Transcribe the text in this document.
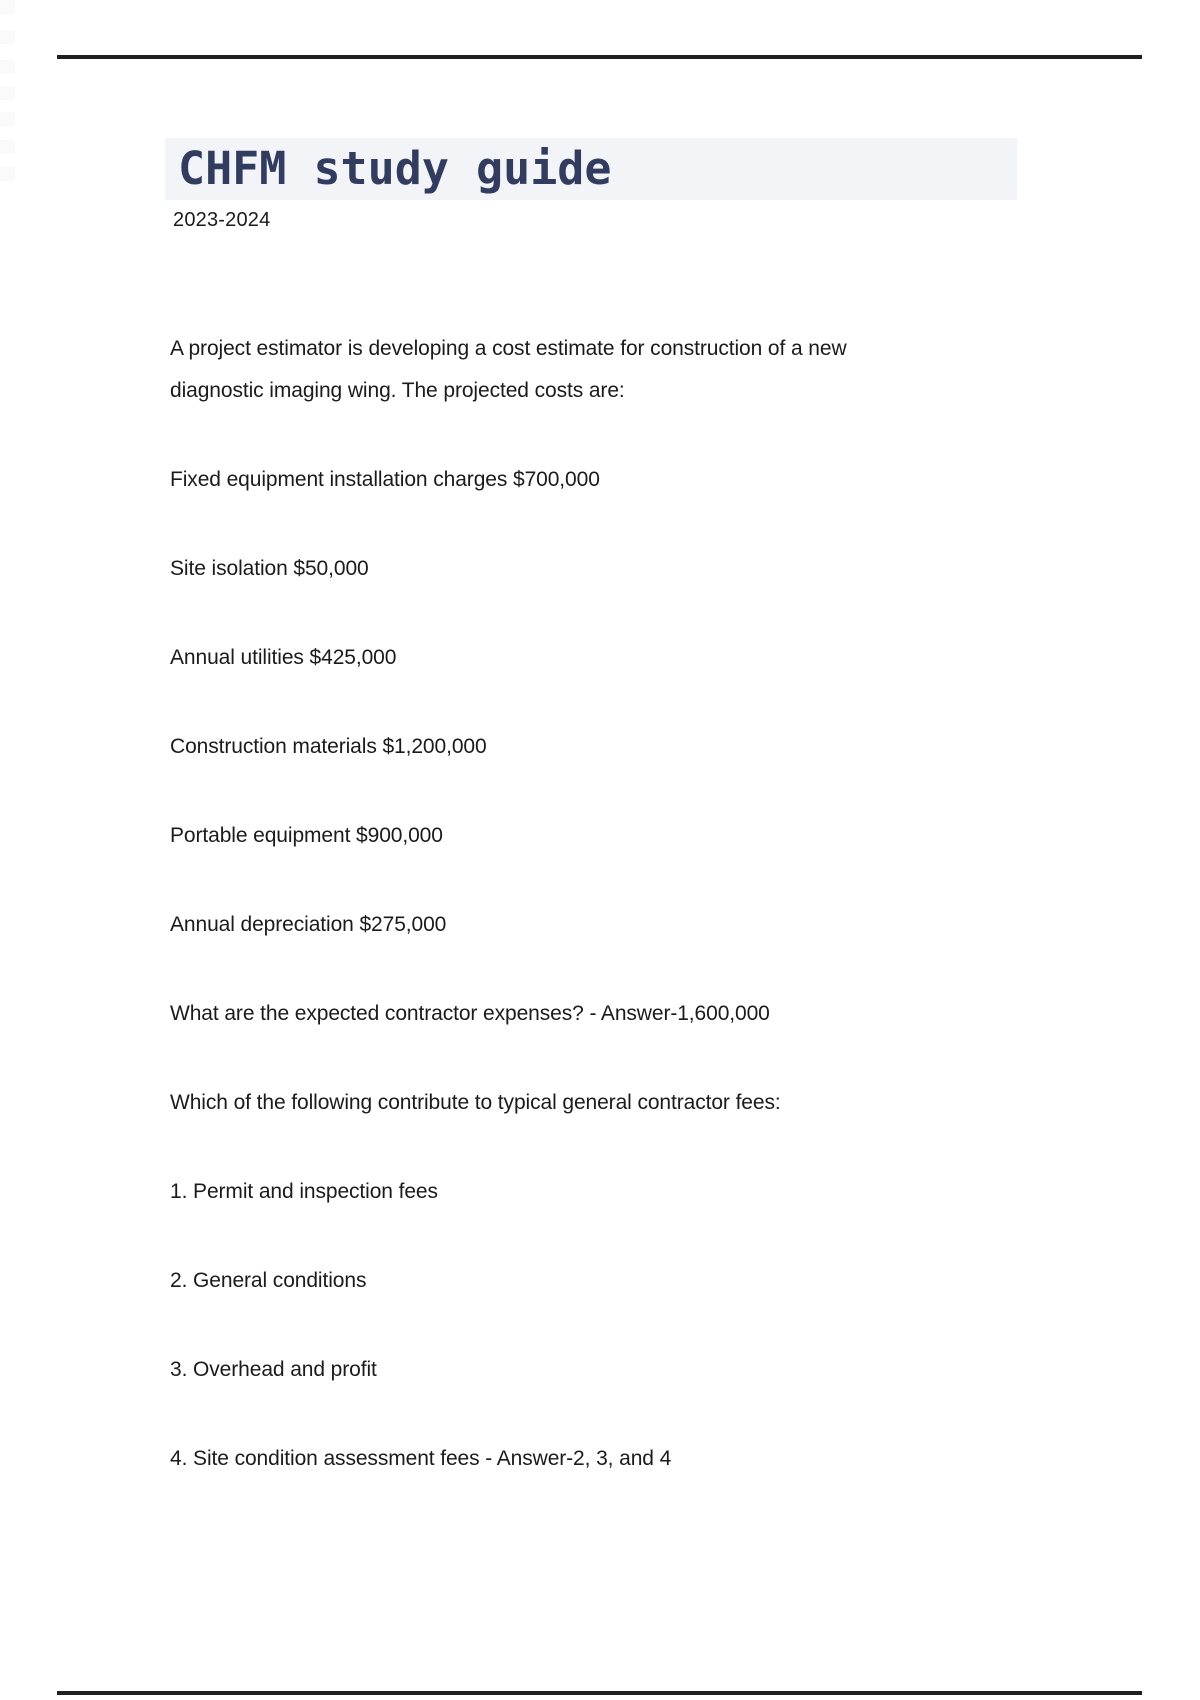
CHFM study guide
2023-2024

A project estimator is developing a cost estimate for construction of a new
diagnostic imaging wing. The projected costs are:

Fixed equipment installation charges $700,000

Site isolation $50,000

Annual utilities $425,000

Construction materials $1,200,000

Portable equipment $900,000

Annual depreciation $275,000

What are the expected contractor expenses? - Answer-1,600,000

Which of the following contribute to typical general contractor fees:

1. Permit and inspection fees

2. General conditions

3. Overhead and profit

4. Site condition assessment fees - Answer-2, 3, and 4
